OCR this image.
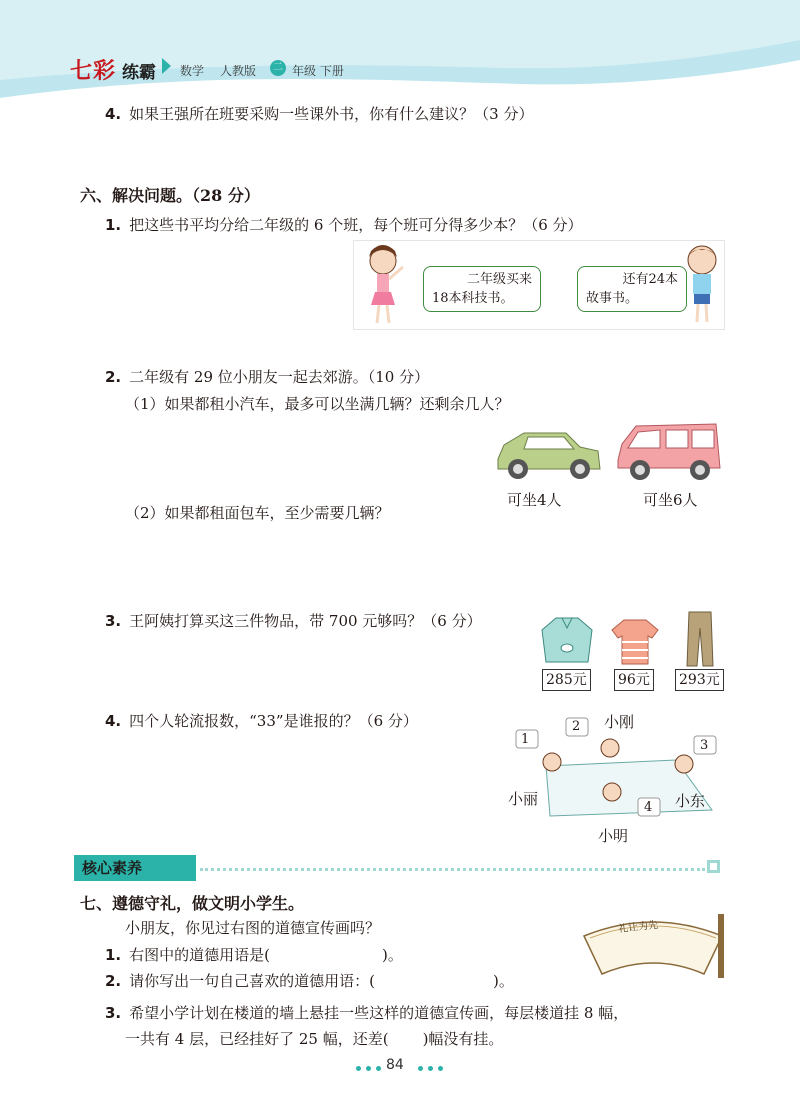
七彩 练霸 数学 人教版	二 年级 下册
4. 如果王强所在班要采购一些课外书，你有什么建议？（3 分）
六、解决问题。（28 分）
1. 把这些书平均分给二年级的 6 个班，每个班可分得多少本？（6 分）
二年级买来
18本科技书。
还有24本
故事书。
2. 二年级有 29 位小朋友一起去郊游。（10 分）
（1）如果都租小汽车，最多可以坐满几辆？还剩余几人？
（2）如果都租面包车，至少需要几辆？
可坐4人	可坐6人
3. 王阿姨打算买这三件物品，带 700 元够吗？（6 分）
285元 96元 293元
4. 四个人轮流报数，“33”是谁报的？（6 分）
1
2
3
4
小刚
小丽	小东
小明
核心素养
七、遵德守礼，做文明小学生。
小朋友，你见过右图的道德宣传画吗？
1. 右图中的道德用语是(	)。
2. 请你写出一句自己喜欢的道德用语：(	)。
3. 希望小学计划在楼道的墙上悬挂一些这样的道德宣传画，每层楼道挂 8 幅，
一共有 4 层，已经挂好了 25 幅，还差( )幅没有挂。
礼让为先
84
